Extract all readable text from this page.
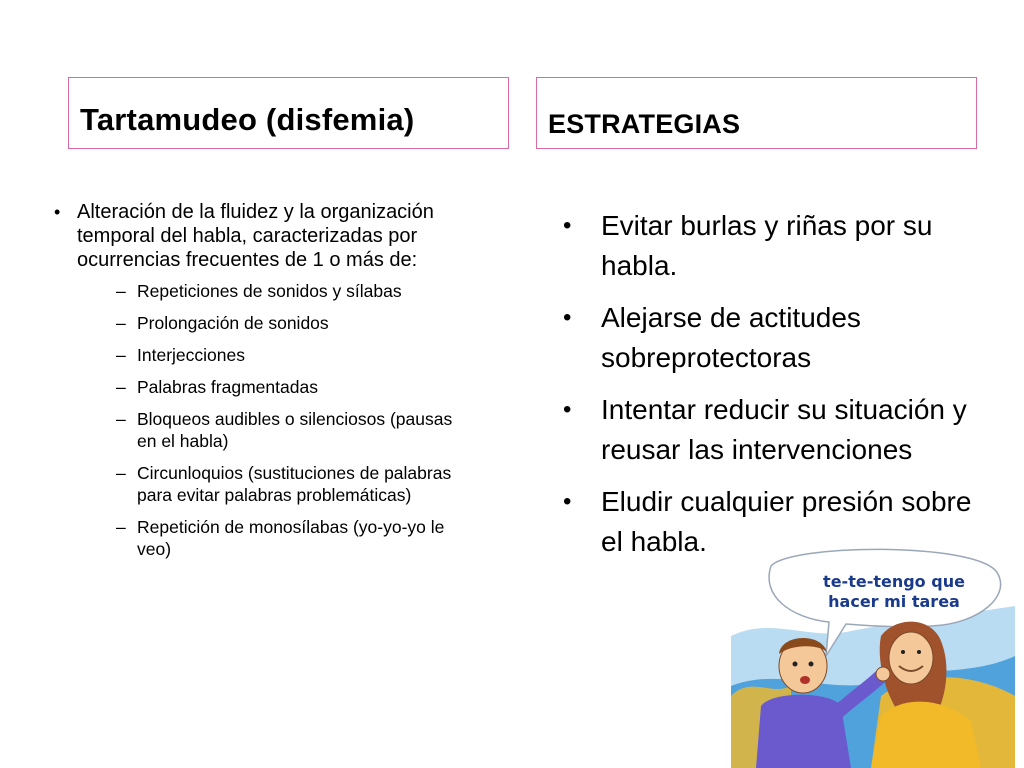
Tartamudeo (disfemia)	ESTRATEGIAS
• Alteración de la fluidez y la organización temporal del habla, caracterizadas por ocurrencias frecuentes de 1 o más de:
– Repeticiones de sonidos y sílabas
– Prolongación de sonidos
– Interjecciones
– Palabras fragmentadas
– Bloqueos audibles o silenciosos (pausas en el habla)
– Circunloquios (sustituciones de palabras para evitar palabras problemáticas)
– Repetición de monosílabas (yo-yo-yo le veo)
• Evitar burlas y riñas por su habla.
• Alejarse de actitudes sobreprotectoras
• Intentar reducir su situación y reusar las intervenciones
• Eludir cualquier presión sobre el habla.
te-te-tengo que
hacer mi tarea
